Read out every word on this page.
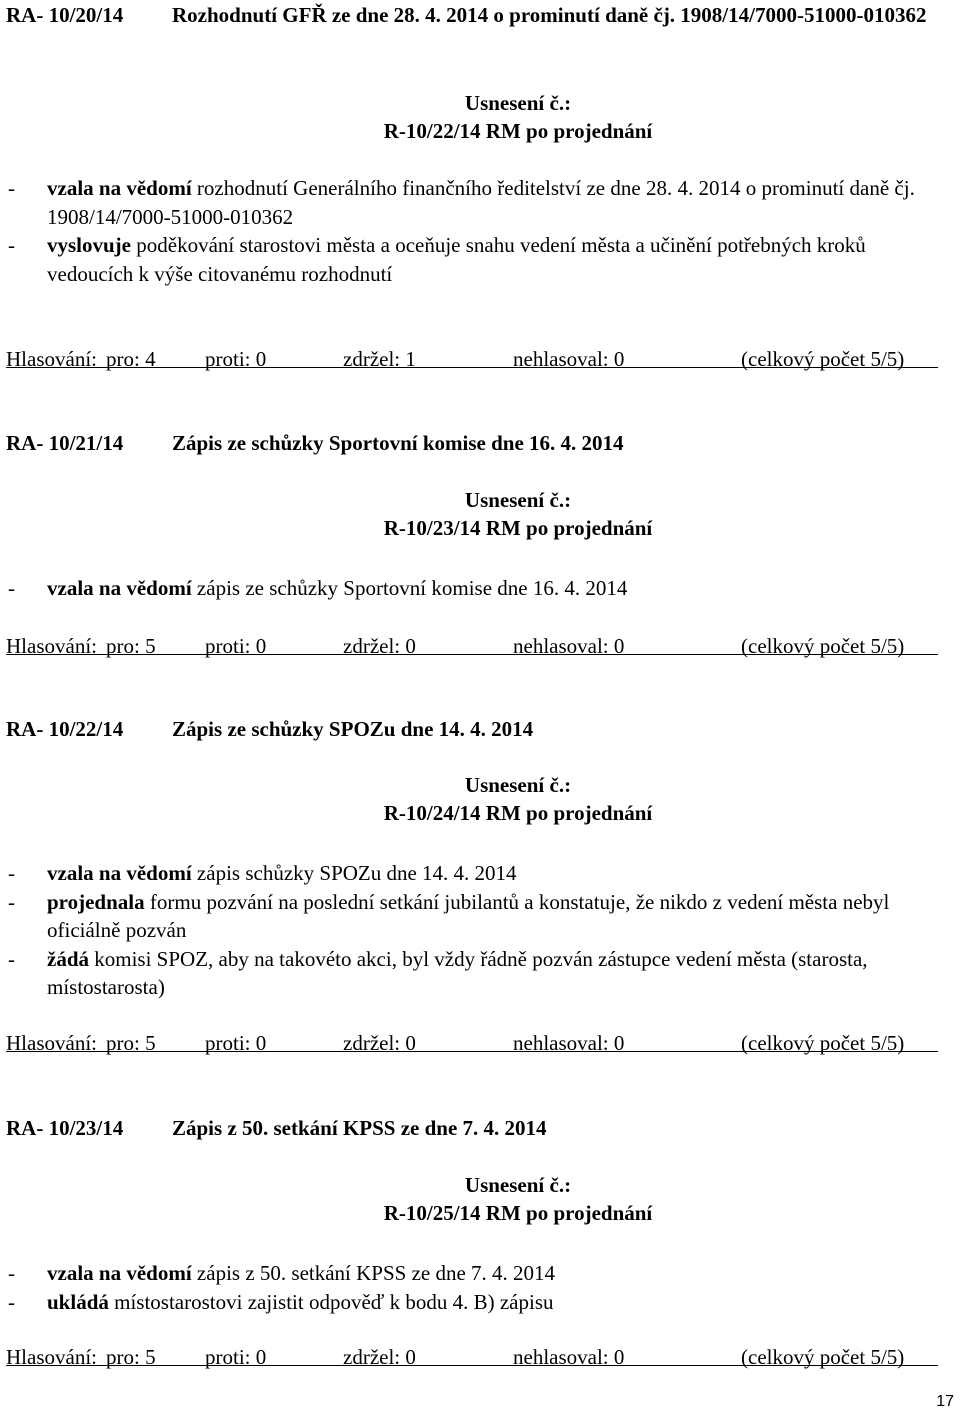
RA- 10/20/14 Rozhodnutí GFŘ ze dne 28. 4. 2014 o prominutí daně čj. 1908/14/7000-51000-010362
Usnesení č.:
R-10/22/14 RM po projednání
- vzala na vědomí rozhodnutí Generálního finančního ředitelství ze dne 28. 4. 2014 o prominutí daně čj. 1908/14/7000-51000-010362
- vyslovuje poděkování starostovi města a oceňuje snahu vedení města a učinění potřebných kroků vedoucích k výše citovanému rozhodnutí
Hlasování: pro: 4 proti: 0	zdržel: 1	nehlasoval: 0	(celkový počet 5/5)
RA- 10/21/14 Zápis ze schůzky Sportovní komise dne 16. 4. 2014
Usnesení č.:
R-10/23/14 RM po projednání
- vzala na vědomí zápis ze schůzky Sportovní komise dne 16. 4. 2014
Hlasování: pro: 5 proti: 0	zdržel: 0	nehlasoval: 0	(celkový počet 5/5)
RA- 10/22/14 Zápis ze schůzky SPOZu dne 14. 4. 2014
Usnesení č.:
R-10/24/14 RM po projednání
- vzala na vědomí zápis schůzky SPOZu dne 14. 4. 2014
- projednala formu pozvání na poslední setkání jubilantů a konstatuje, že nikdo z vedení města nebyl oficiálně pozván
- žádá komisi SPOZ, aby na takovéto akci, byl vždy řádně pozván zástupce vedení města (starosta, místostarosta)
Hlasování: pro: 5 proti: 0	zdržel: 0	nehlasoval: 0	(celkový počet 5/5)
RA- 10/23/14 Zápis z 50. setkání KPSS ze dne 7. 4. 2014
Usnesení č.:
R-10/25/14 RM po projednání
- vzala na vědomí zápis z 50. setkání KPSS ze dne 7. 4. 2014
- ukládá místostarostovi zajistit odpověď k bodu 4. B) zápisu
Hlasování: pro: 5 proti: 0	zdržel: 0	nehlasoval: 0	(celkový počet 5/5)
17
